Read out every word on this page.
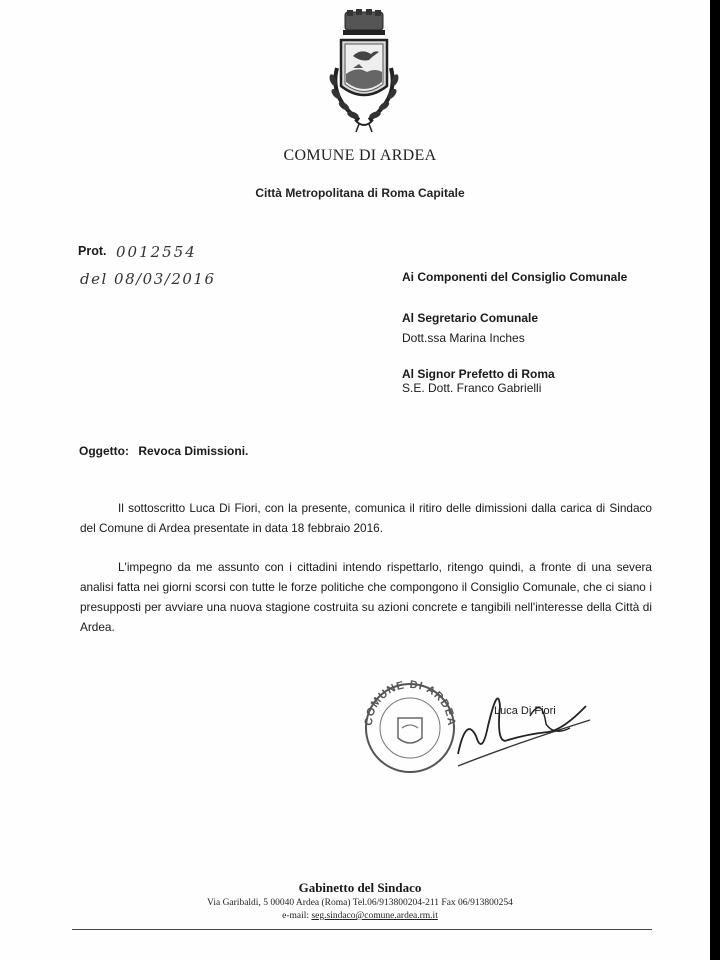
COMUNE DI ARDEA
Città Metropolitana di Roma Capitale
Prot. 0012554
del 08/03/2016	Ai Componenti del Consiglio Comunale
Al Segretario Comunale
Dott.ssa Marina Inches
Al Signor Prefetto di Roma
S.E. Dott. Franco Gabrielli
Oggetto: Revoca Dimissioni.

Il sottoscritto Luca Di Fiori, con la presente, comunica il ritiro delle dimissioni dalla carica di Sindaco del Comune di Ardea presentate in data 18 febbraio 2016.

L'impegno da me assunto con i cittadini intendo rispettarlo, ritengo quindi, a fronte di una severa analisi fatta nei giorni scorsi con tutte le forze politiche che compongono il Consiglio Comunale, che ci siano i presupposti per avviare una nuova stagione costruita su azioni concrete e tangibili nell'interesse della Città di Ardea.

COMUNE DI ARDEA
Luca Di Fiori
Gabinetto del Sindaco
Via Garibaldi, 5 00040 Ardea (Roma) Tel.06/913800204-211 Fax 06/913800254
e-mail: seg.sindaco@comune.ardea.rm.it
